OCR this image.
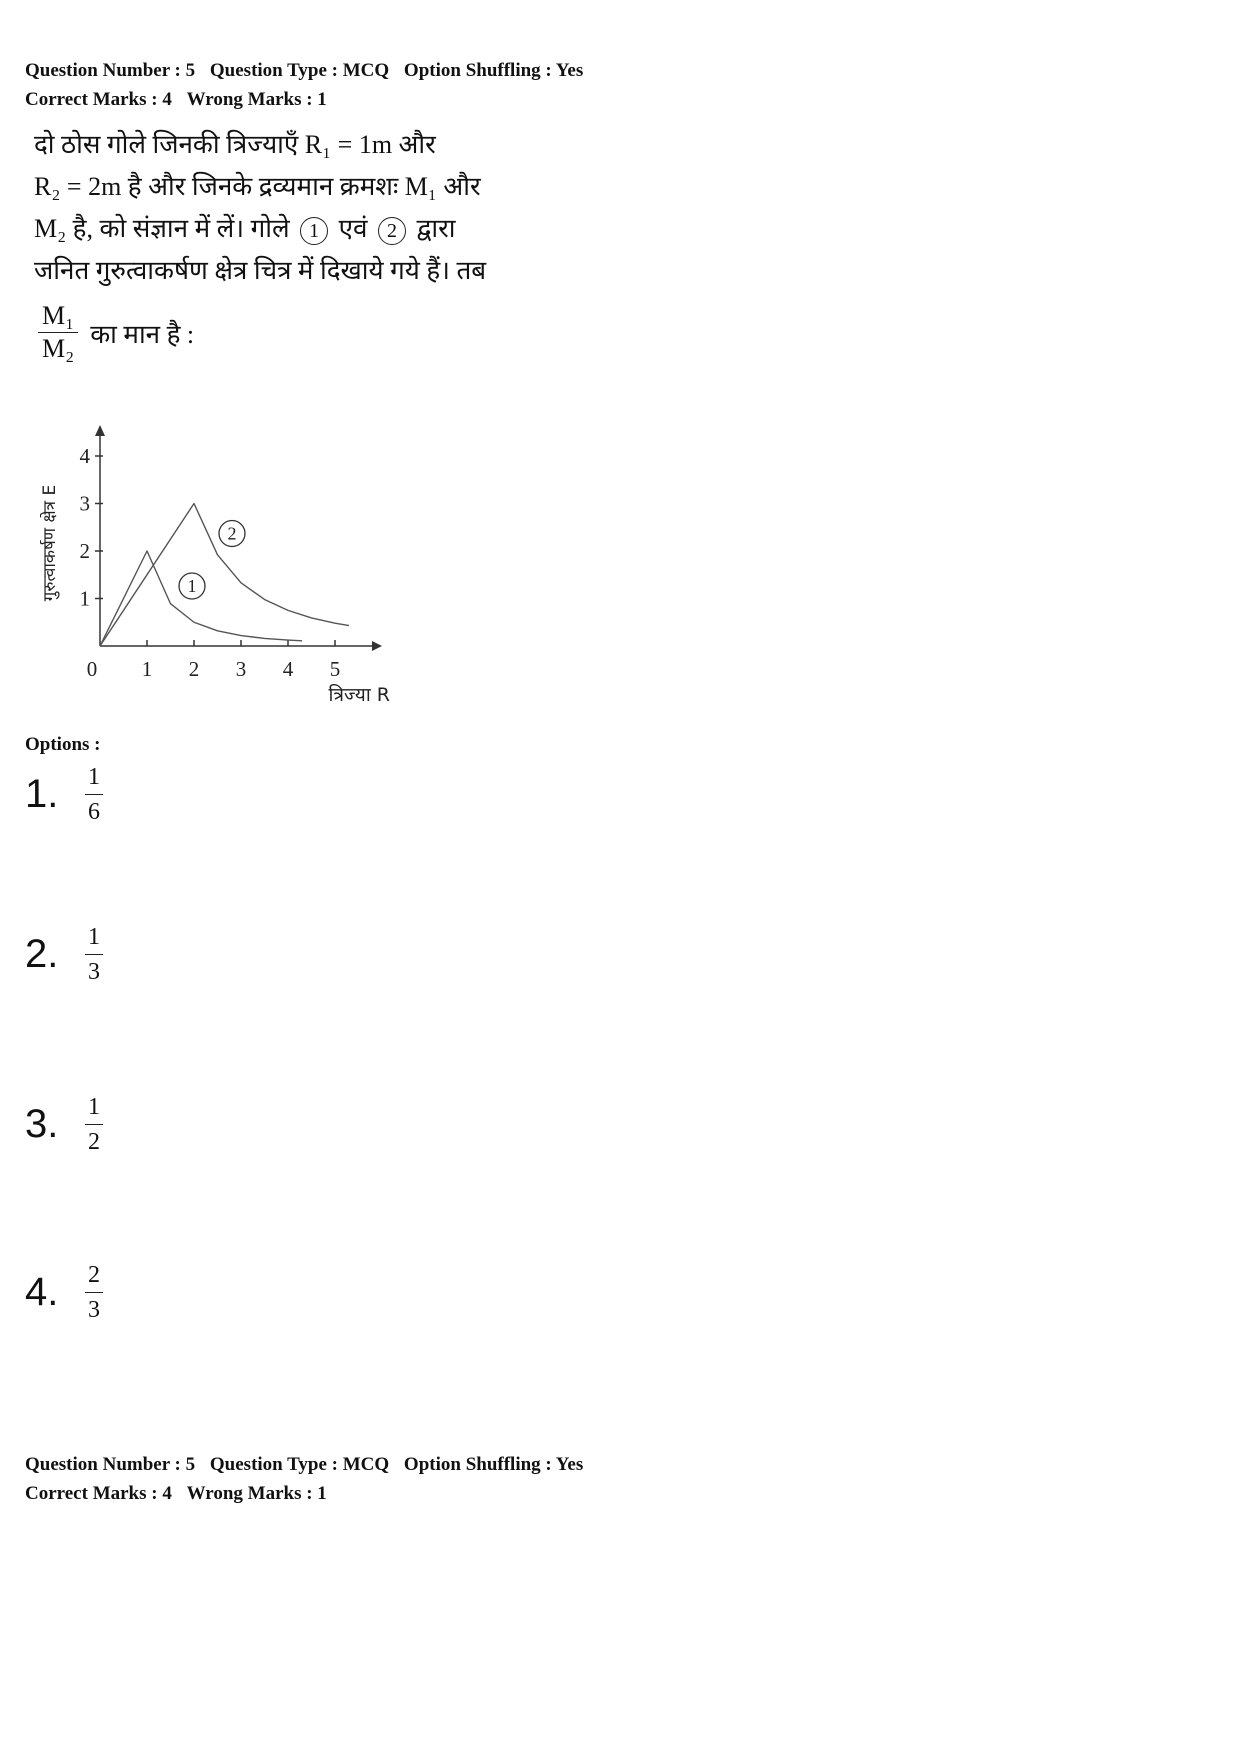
Question Number : 5 Question Type : MCQ Option Shuffling : Yes
Correct Marks : 4 Wrong Marks : 1
दो ठोस गोले जिनकी त्रिज्याएँ R₁ = 1m और
R₂ = 2m है और जिनके द्रव्यमान क्रमशः M₁ और
M₂ है, को संज्ञान में लें। गोले 1 एवं 2 द्वारा
जनित गुरुत्वाकर्षण क्षेत्र चित्र में दिखाये गये हैं। तब
$\frac{\text{M₁}}{\text{M₂}}$ का मान है :
0 1 2 3 4 5
1
2
3
4
1
2
गुरुत्वाकर्षण क्षेत्र E
त्रिज्या R
Options :
1.	$\frac{1}{6}$
2.	$\frac{1}{3}$
3.	$\frac{1}{2}$
4.	$\frac{2}{3}$
Question Number : 5 Question Type : MCQ Option Shuffling : Yes
Correct Marks : 4 Wrong Marks : 1
